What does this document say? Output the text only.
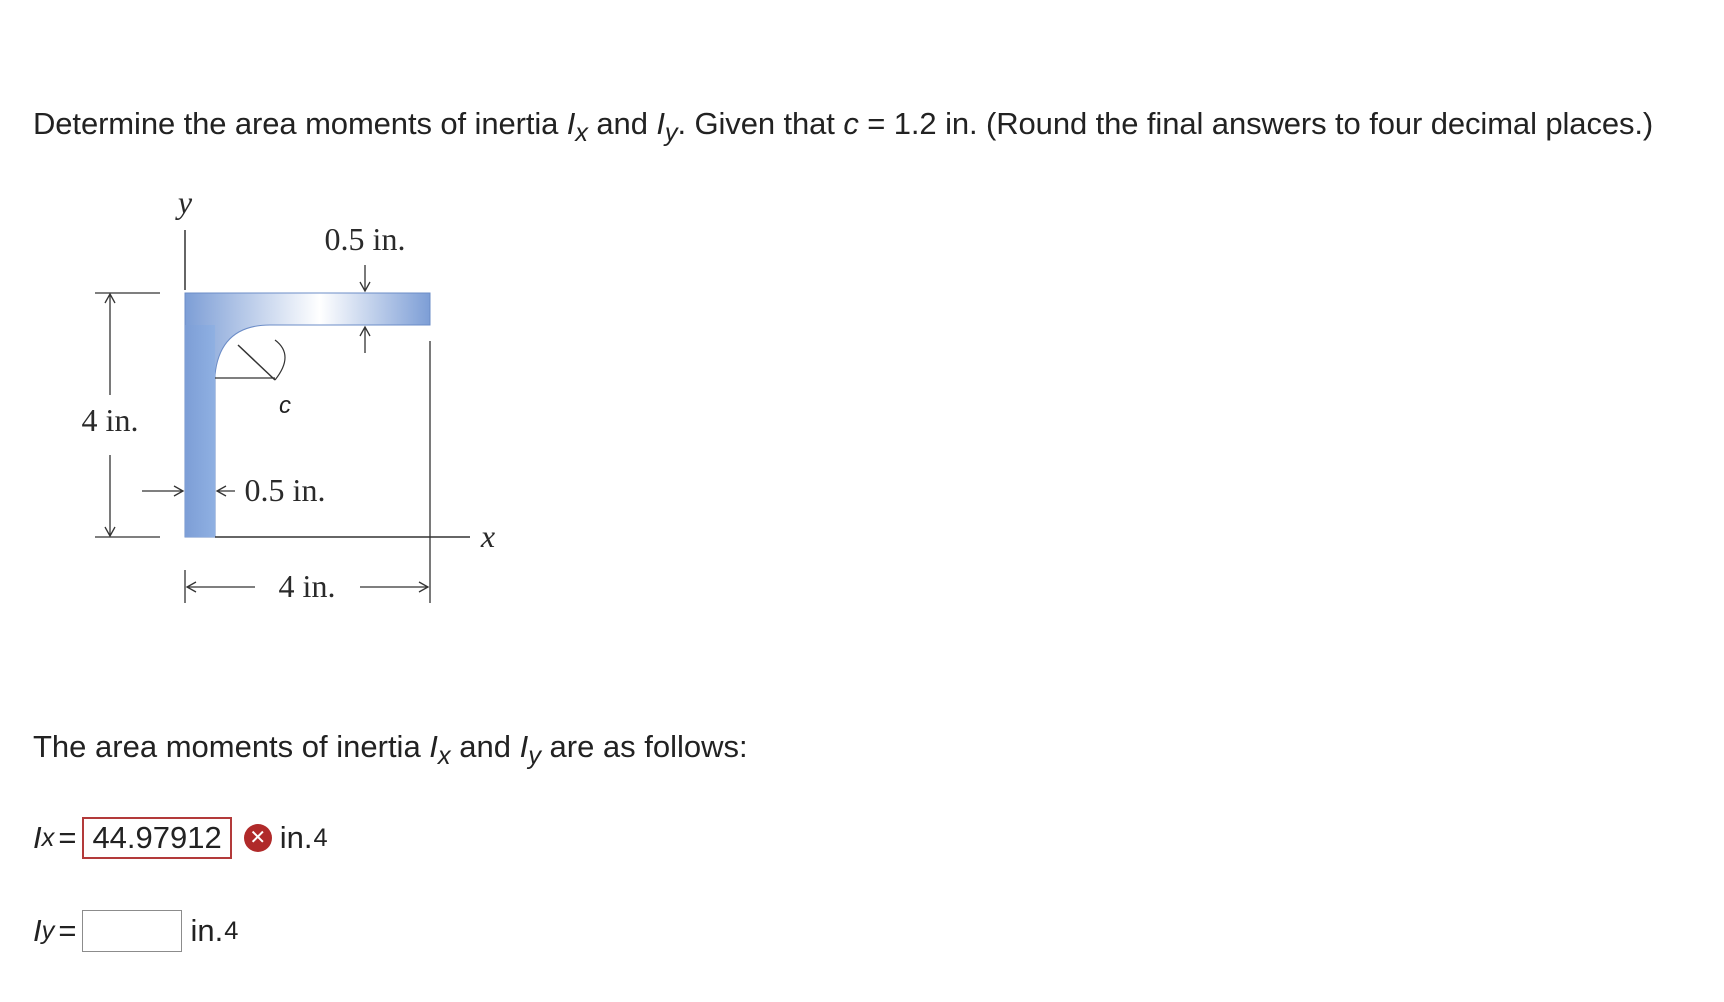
Determine the area moments of inertia $I_x$ and $I_y$. Given that c = 1.2 in. (Round the final answers to four decimal places.)
y
c
0.5 in.
4 in.
0.5 in.
x
4 in.
The area moments of inertia $I_x$ and $I_y$ are as follows:
I x = 44.97912	✕ in. 4
I y =	in. 4
